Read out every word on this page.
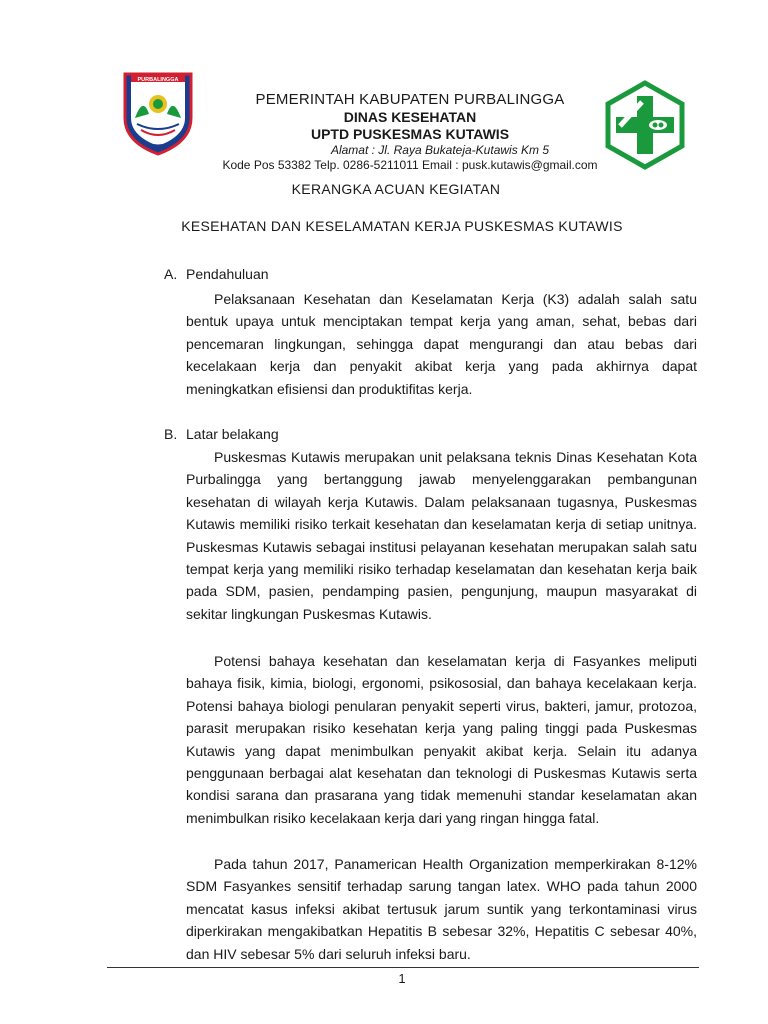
PURBALINGGA
PEMERINTAH KABUPATEN PURBALINGGA
DINAS KESEHATAN
UPTD PUSKESMAS KUTAWIS
Alamat : Jl. Raya Bukateja-Kutawis Km 5
Kode Pos 53382 Telp. 0286-5211011 Email : pusk.kutawis@gmail.com
KERANGKA ACUAN KEGIATAN
KESEHATAN DAN KESELAMATAN KERJA PUSKESMAS KUTAWIS
A. Pendahuluan

Pelaksanaan Kesehatan dan Keselamatan Kerja (K3) adalah salah satu bentuk upaya untuk menciptakan tempat kerja yang aman, sehat, bebas dari pencemaran lingkungan, sehingga dapat mengurangi dan atau bebas dari kecelakaan kerja dan penyakit akibat kerja yang pada akhirnya dapat meningkatkan efisiensi dan produktifitas kerja.

B. Latar belakang

Puskesmas Kutawis merupakan unit pelaksana teknis Dinas Kesehatan Kota Purbalingga yang bertanggung jawab menyelenggarakan pembangunan kesehatan di wilayah kerja Kutawis. Dalam pelaksanaan tugasnya, Puskesmas Kutawis memiliki risiko terkait kesehatan dan keselamatan kerja di setiap unitnya. Puskesmas Kutawis sebagai institusi pelayanan kesehatan merupakan salah satu tempat kerja yang memiliki risiko terhadap keselamatan dan kesehatan kerja baik pada SDM, pasien, pendamping pasien, pengunjung, maupun masyarakat di sekitar lingkungan Puskesmas Kutawis.

Potensi bahaya kesehatan dan keselamatan kerja di Fasyankes meliputi bahaya fisik, kimia, biologi, ergonomi, psikososial, dan bahaya kecelakaan kerja. Potensi bahaya biologi penularan penyakit seperti virus, bakteri, jamur, protozoa, parasit merupakan risiko kesehatan kerja yang paling tinggi pada Puskesmas Kutawis yang dapat menimbulkan penyakit akibat kerja. Selain itu adanya penggunaan berbagai alat kesehatan dan teknologi di Puskesmas Kutawis serta kondisi sarana dan prasarana yang tidak memenuhi standar keselamatan akan menimbulkan risiko kecelakaan kerja dari yang ringan hingga fatal.

Pada tahun 2017, Panamerican Health Organization memperkirakan 8-12% SDM Fasyankes sensitif terhadap sarung tangan latex. WHO pada tahun 2000 mencatat kasus infeksi akibat tertusuk jarum suntik yang terkontaminasi virus diperkirakan mengakibatkan Hepatitis B sebesar 32%, Hepatitis C sebesar 40%, dan HIV sebesar 5% dari seluruh infeksi baru.

1
